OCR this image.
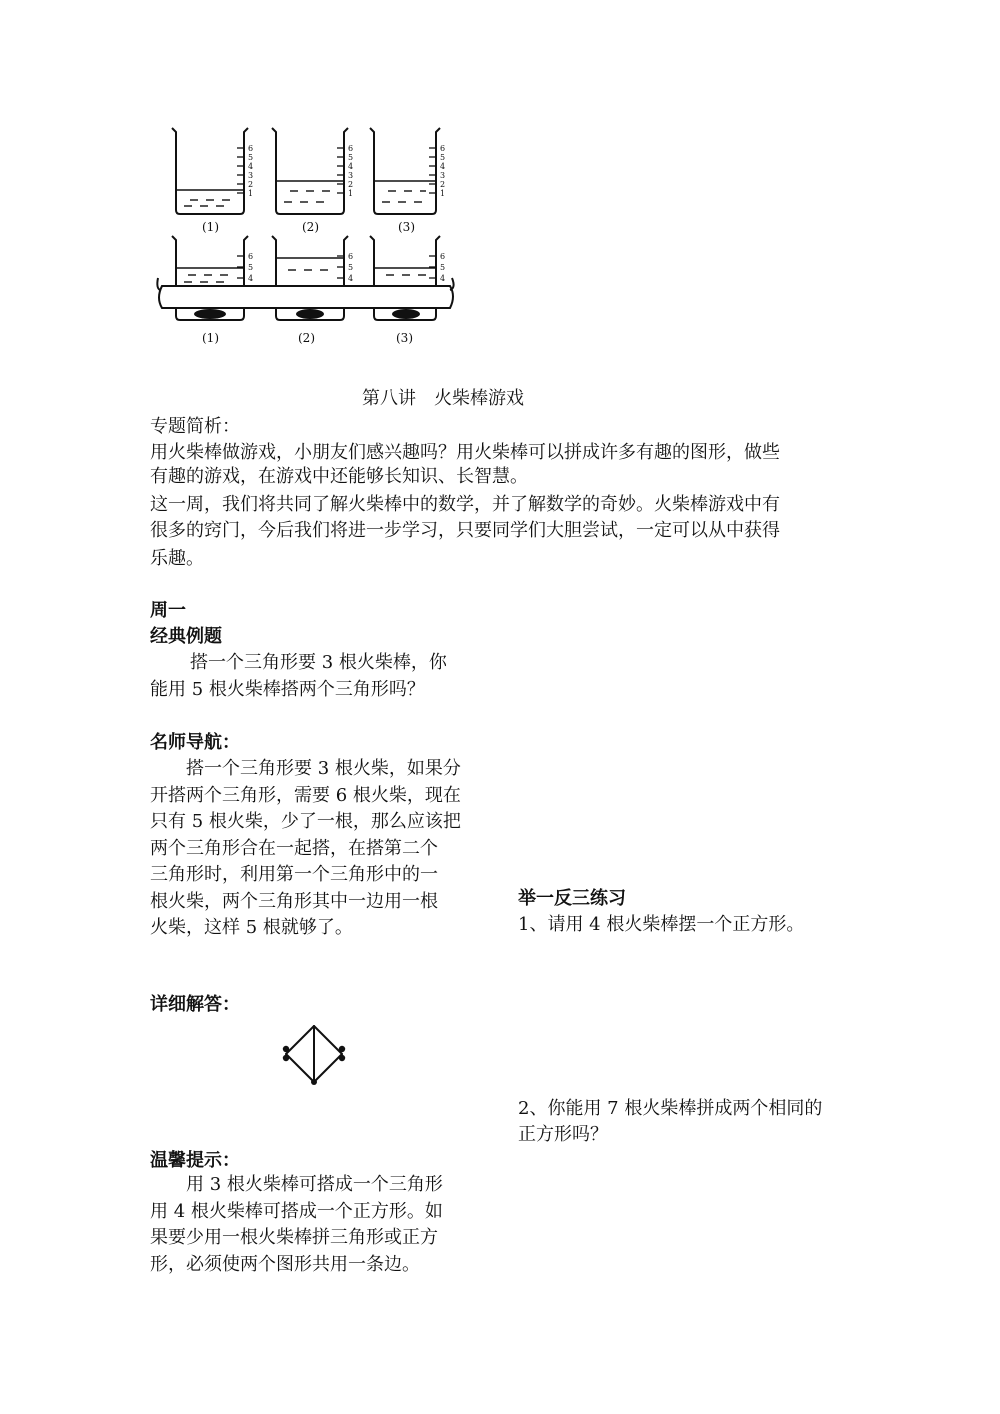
6
5
4
3
2
1
6
5
4
3
2
1
6
5
4
3
2
1
(1)	(2)	(3)
6
5
4
6
5
4
6
5
4
(1)	(2)	(3)
第八讲　火柴棒游戏
专题简析：
用火柴棒做游戏，小朋友们感兴趣吗？用火柴棒可以拼成许多有趣的图形，做些
有趣的游戏，在游戏中还能够长知识、长智慧。
这一周，我们将共同了解火柴棒中的数学，并了解数学的奇妙。火柴棒游戏中有
很多的窍门，今后我们将进一步学习，只要同学们大胆尝试，一定可以从中获得
乐趣。
周一
经典例题
搭一个三角形要 3 根火柴棒，你
能用 5 根火柴棒搭两个三角形吗？
名师导航：
搭一个三角形要 3 根火柴，如果分
开搭两个三角形，需要 6 根火柴，现在
只有 5 根火柴，少了一根，那么应该把
两个三角形合在一起搭，在搭第二个
三角形时，利用第一个三角形中的一
根火柴，两个三角形其中一边用一根
火柴，这样 5 根就够了。
详细解答：
温馨提示：
用 3 根火柴棒可搭成一个三角形
用 4 根火柴棒可搭成一个正方形。如
果要少用一根火柴棒拼三角形或正方
形，必须使两个图形共用一条边。
举一反三练习
1、请用 4 根火柴棒摆一个正方形。
2、你能用 7 根火柴棒拼成两个相同的
正方形吗？
